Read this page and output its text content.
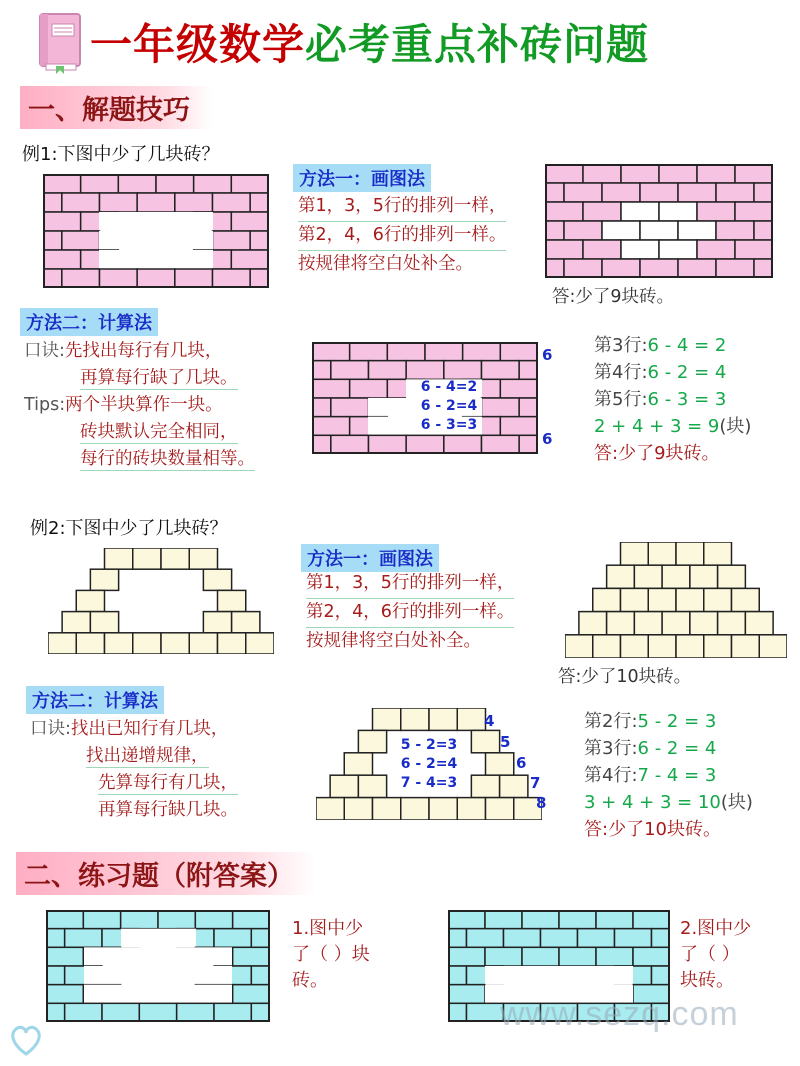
一年级数学必考重点补砖问题
一、解题技巧
例1:下图中少了几块砖？
方法一：画图法
第1，3，5行的排列一样，
第2，4，6行的排列一样。
按规律将空白处补全。
答:少了9块砖。
方法二：计算法
口诀:先找出每行有几块，
再算每行缺了几块。
Tips:两个半块算作一块。
砖块默认完全相同，
每行的砖块数量相等。
6
6
6 - 4=2
6 - 2=4
6 - 3=3
第3行:6 - 4 = 2
第4行:6 - 2 = 4
第5行:6 - 3 = 3
2 + 4 + 3 = 9(块)
答:少了9块砖。
例2:下图中少了几块砖？
方法一：画图法
第1，3，5行的排列一样，
第2，4，6行的排列一样。
按规律将空白处补全。
答:少了10块砖。
方法二：计算法
口诀:找出已知行有几块，
找出递增规律，
先算每行有几块，
再算每行缺几块。
4
5
6
7
8
5 - 2=3
6 - 2=4
7 - 4=3
第2行:5 - 2 = 3
第3行:6 - 2 = 4
第4行:7 - 4 = 3
3 + 4 + 3 = 10(块)
答:少了10块砖。
二、练习题（附答案）
1.图中少
了（ ）块
砖。
2.图中少
了（ ）
块砖。
www.sezq.com
